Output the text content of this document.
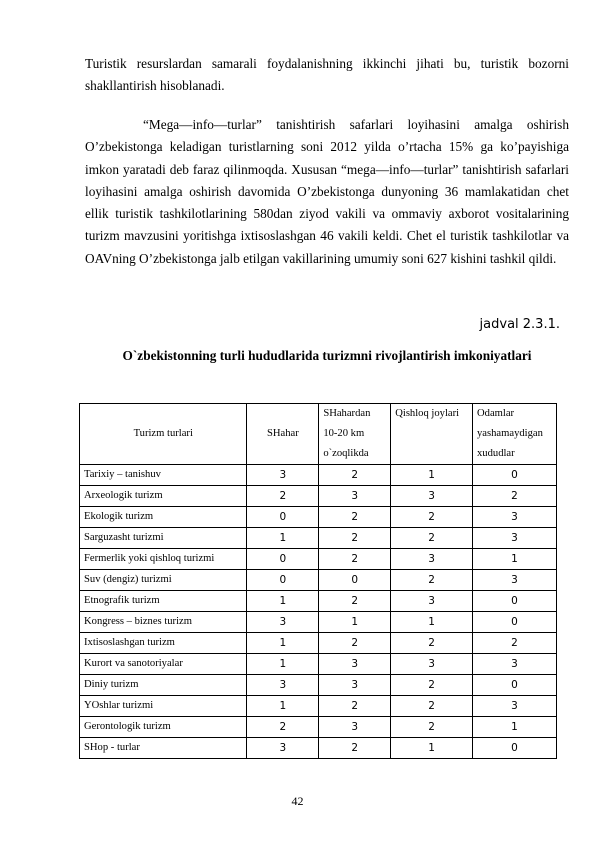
Turistik resurslardan samarali foydalanishning ikkinchi jihati bu, turistik bozorni shakllantirish hisoblanadi.

“Mega—info—turlar” tanishtirish safarlari loyihasini amalga oshirish O’zbekistonga keladigan turistlarning soni 2012 yilda o’rtacha 15% ga ko’payishiga imkon yaratadi deb faraz qilinmoqda. Xususan “mega—info—turlar” tanishtirish safarlari loyihasini amalga oshirish davomida O’zbekistonga dunyoning 36 mamlakatidan chet ellik turistik tashkilotlarining 580dan ziyod vakili va ommaviy axborot vositalarining turizm mavzusini yoritishga ixtisoslashgan 46 vakili keldi. Chet el turistik tashkilotlar va OAVning O’zbekistonga jalb etilgan vakillarining umumiy soni 627 kishini tashkil qildi.

jadval 2.3.1.

O`zbekistonning turli hududlarida turizmni rivojlantirish imkoniyatlari

Turizm turlari	SHahar	SHahardan 10-20 km o`zoqlikda	Qishloq joylari	Odamlar yashamaydigan xududlar
Tarixiy – tanishuv	3	2	1	0
Arxeologik turizm	2	3	3	2
Ekologik turizm	0	2	2	3
Sarguzasht turizmi	1	2	2	3
Fermerlik yoki qishloq turizmi	0	2	3	1
Suv (dengiz) turizmi	0	0	2	3
Etnografik turizm	1	2	3	0
Kongress – biznes turizm	3	1	1	0
Ixtisoslashgan turizm	1	2	2	2
Kurort va sanotoriyalar	1	3	3	3
Diniy turizm	3	3	2	0
YOshlar turizmi	1	2	2	3
Gerontologik turizm	2	3	2	1
SHop - turlar	3	2	1	0

42
